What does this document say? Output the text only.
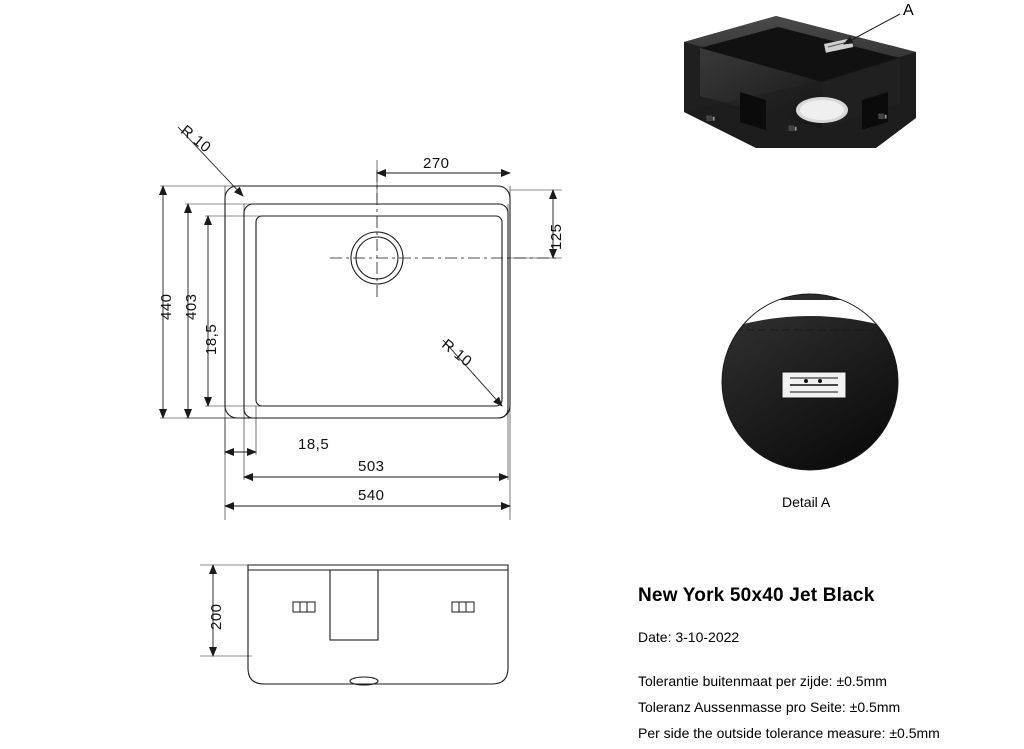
⬛▮
⬛▮
⬛▮
R 10
R 10
270
125
440 403
18,5
18,5
503
540
200
A
Detail A
New York 50x40 Jet Black
Date: 3-10-2022
Tolerantie buitenmaat per zijde: ±0.5mm
Toleranz Aussenmasse pro Seite: ±0.5mm
Per side the outside tolerance measure: ±0.5mm
